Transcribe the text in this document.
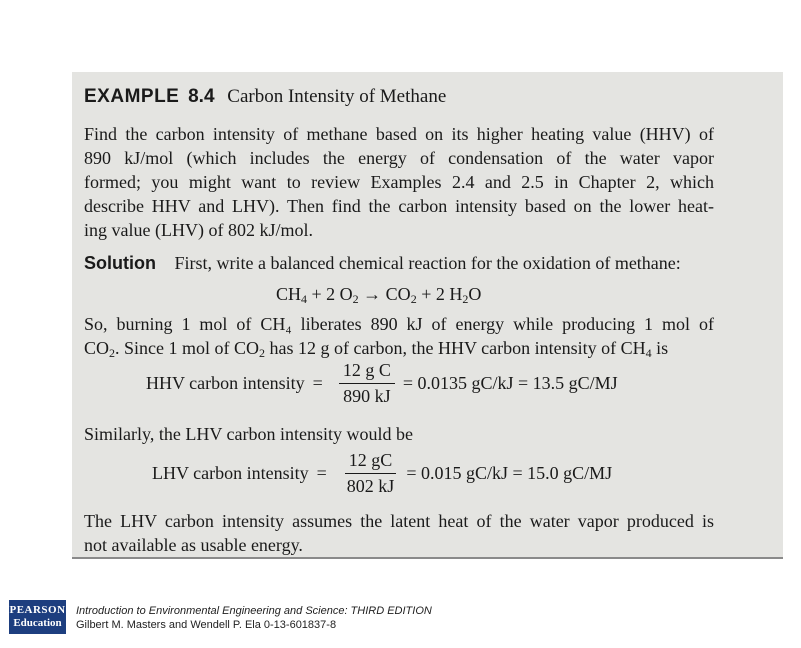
EXAMPLE 8.4 Carbon Intensity of Methane
Find the carbon intensity of methane based on its higher heating value (HHV) of
890 kJ/mol (which includes the energy of condensation of the water vapor
formed; you might want to review Examples 2.4 and 2.5 in Chapter 2, which
describe HHV and LHV). Then find the carbon intensity based on the lower heat-
ing value (LHV) of 802 kJ/mol.
Solution First, write a balanced chemical reaction for the oxidation of methane:
$CH_4 + 2$ $O_2 \to CO_2 + 2$ $H_2O$
So, burning 1 mol of CH₄ liberates 890 kJ of energy while producing 1 mol of
$CO_2$. Since 1 mol of $CO_2$ has 12 g of carbon, the HHV carbon intensity of $CH_4$ is
HHV carbon intensity = $\frac{\text{12 g C}}{890 kJ} = 0.0135$ gC/kJ = 13.5 gC/MJ
Similarly, the LHV carbon intensity would be
LHV carbon intensity = $\frac{12 gC}{802 kJ} = 0.015$ gC/kJ = 15.0 gC/MJ
The LHV carbon intensity assumes the latent heat of the water vapor produced is
not available as usable energy.
PEARSON
Education
Introduction to Environmental Engineering and Science: THIRD EDITION
Gilbert M. Masters and Wendell P. Ela 0-13-601837-8
